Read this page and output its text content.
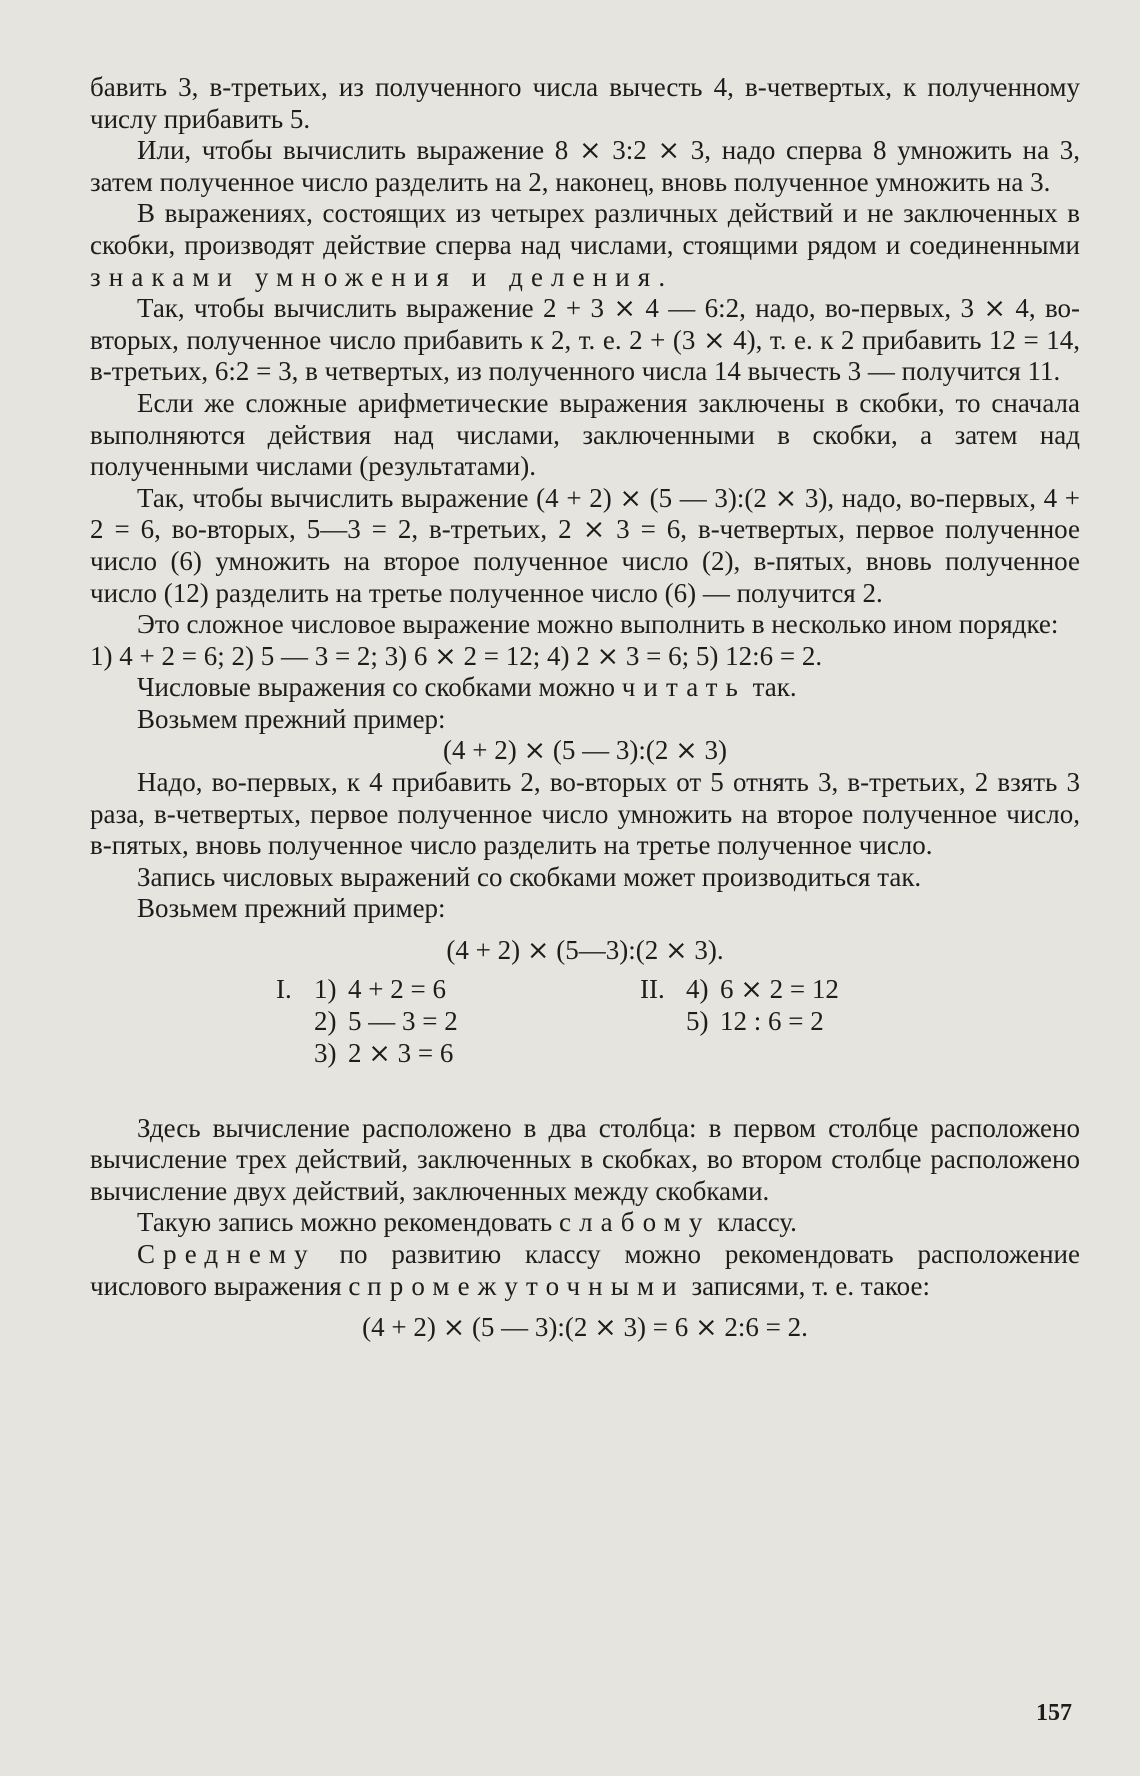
бавить 3, в-третьих, из полученного числа вычесть 4, в-четвертых, к полученному числу прибавить 5.

Или, чтобы вычислить выражение 8 ⨯ 3:2 ⨯ 3, надо сперва 8 умножить на 3, затем полученное число разделить на 2, наконец, вновь полученное умножить на 3.

В выражениях, состоящих из четырех различных действий и не заключенных в скобки, производят действие сперва над числами, стоящими рядом и соединенными знаками умножения и деления.

Так, чтобы вычислить выражение 2 + 3 ⨯ 4 — 6:2, надо, во-первых, 3 ⨯ 4, во-вторых, полученное число прибавить к 2, т. е. 2 + (3 ⨯ 4), т. е. к 2 прибавить 12 = 14, в-третьих, 6:2 = 3, в четвертых, из полученного числа 14 вычесть 3 — получится 11.

Если же сложные арифметические выражения заключены в скобки, то сначала выполняются действия над числами, заключенными в скобки, а затем над полученными числами (результатами).

Так, чтобы вычислить выражение (4 + 2) ⨯ (5 — 3):(2 ⨯ 3), надо, во-первых, 4 + 2 = 6, во-вторых, 5—3 = 2, в-третьих, 2 ⨯ 3 = 6, в-четвертых, первое полученное число (6) умножить на второе полученное число (2), в-пятых, вновь полученное число (12) разделить на третье полученное число (6) — получится 2.

Это сложное числовое выражение можно выполнить в несколько ином порядке:

1) 4 + 2 = 6; 2) 5 — 3 = 2; 3) 6 ⨯ 2 = 12; 4) 2 ⨯ 3 = 6; 5) 12:6 = 2.

Числовые выражения со скобками можно читать так.

Возьмем прежний пример:

(4 + 2) ⨯ (5 — 3):(2 ⨯ 3)

Надо, во-первых, к 4 прибавить 2, во-вторых от 5 отнять 3, в-третьих, 2 взять 3 раза, в-четвертых, первое полученное число умножить на второе полученное число, в-пятых, вновь полученное число разделить на третье полученное число.

Запись числовых выражений со скобками может производиться так.

Возьмем прежний пример:

(4 + 2) ⨯ (5—3):(2 ⨯ 3).

I. 1) 4 + 2 = 6
2) 5 — 3 = 2
3) 2 ⨯ 3 = 6
II. 4) 6 ⨯ 2 = 12
5) 12 : 6 = 2

Здесь вычисление расположено в два столбца: в первом столбце расположено вычисление трех действий, заключенных в скобках, во втором столбце расположено вычисление двух действий, заключенных между скобками.

Такую запись можно рекомендовать слабому классу.

Среднему по развитию классу можно рекомендовать расположение числового выражения с промежуточными записями, т. е. такое:

(4 + 2) ⨯ (5 — 3):(2 ⨯ 3) = 6 ⨯ 2:6 = 2.

157
